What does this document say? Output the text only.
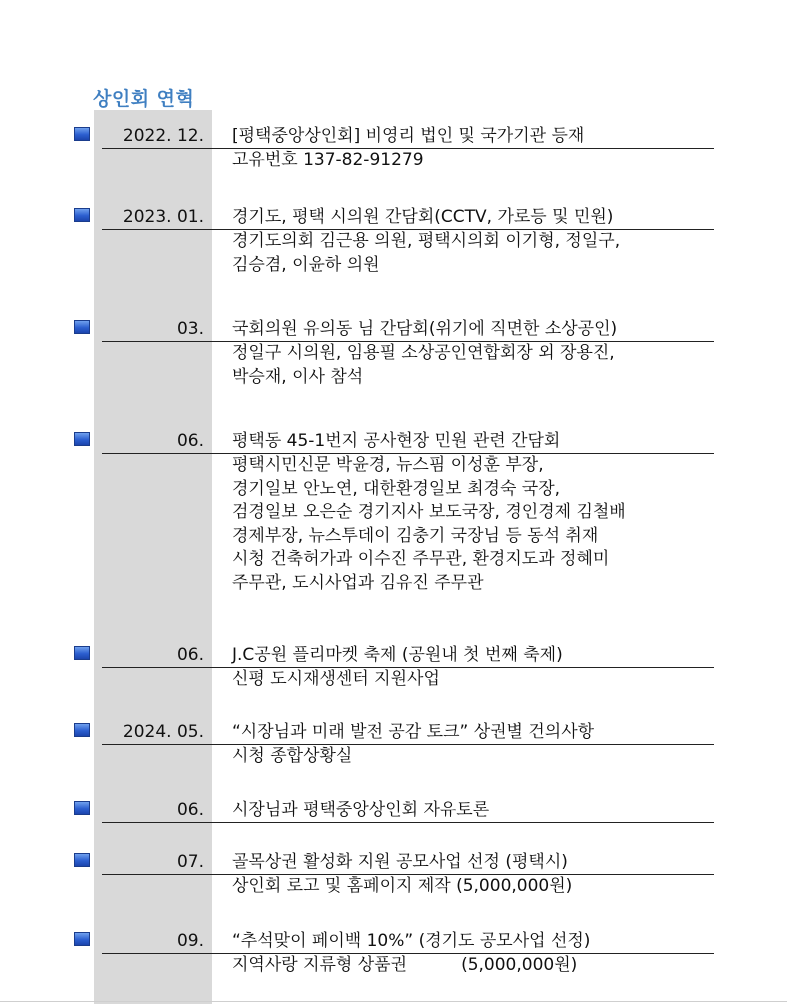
상인회 연혁
2022. 12. [평택중앙상인회] 비영리 법인 및 국가기관 등재
고유번호 137-82-91279
2023. 01. 경기도, 평택 시의원 간담회(CCTV, 가로등 및 민원)
경기도의회 김근용 의원, 평택시의회 이기형, 정일구,
김승겸, 이윤하 의원
03. 국회의원 유의동 님 간담회(위기에 직면한 소상공인)
정일구 시의원, 임용필 소상공인연합회장 외 장용진,
박승재, 이사 참석
06. 평택동 45-1번지 공사현장 민원 관련 간담회
평택시민신문 박윤경, 뉴스핌 이성훈 부장,
경기일보 안노연, 대한환경일보 최경숙 국장,
검경일보 오은순 경기지사 보도국장, 경인경제 김철배
경제부장, 뉴스투데이 김충기 국장님 등 동석 취재
시청 건축허가과 이수진 주무관, 환경지도과 정혜미
주무관, 도시사업과 김유진 주무관
06. J.C공원 플리마켓 축제 (공원내 첫 번째 축제)
신평 도시재생센터 지원사업
2024. 05. “시장님과 미래 발전 공감 토크” 상권별 건의사항
시청 종합상황실
06. 시장님과 평택중앙상인회 자유토론
07. 골목상권 활성화 지원 공모사업 선정 (평택시)
상인회 로고 및 홈페이지 제작 (5,000,000원)
09. “추석맞이 페이백 10%” (경기도 공모사업 선정)
지역사랑 지류형 상품권          (5,000,000원)
